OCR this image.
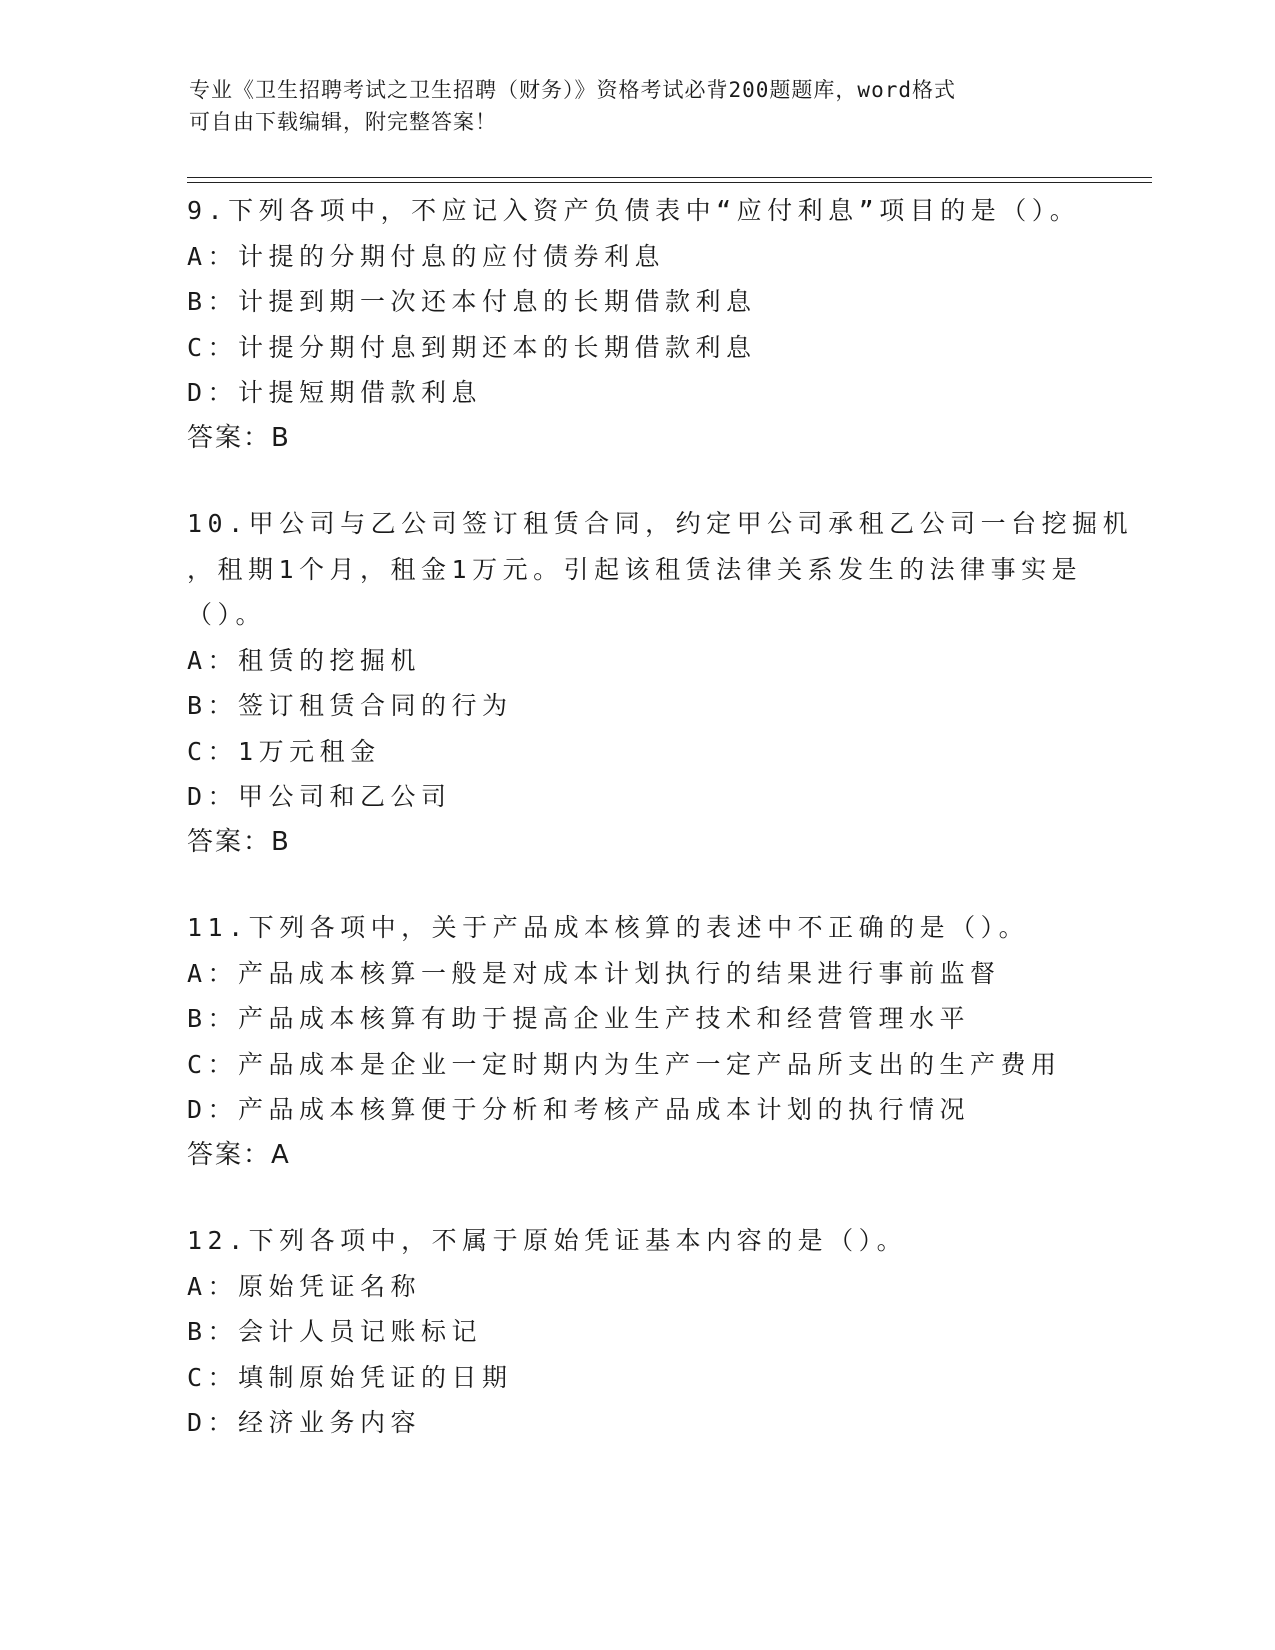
专业《卫生招聘考试之卫生招聘（财务）》资格考试必背200题题库，word格式
可自由下载编辑，附完整答案！
9.下列各项中，不应记入资产负债表中“应付利息”项目的是（）。
A：计提的分期付息的应付债券利息
B：计提到期一次还本付息的长期借款利息
C：计提分期付息到期还本的长期借款利息
D：计提短期借款利息
答案：B
10.甲公司与乙公司签订租赁合同，约定甲公司承租乙公司一台挖掘机
，租期1个月，租金1万元。引起该租赁法律关系发生的法律事实是
（）。
A：租赁的挖掘机
B：签订租赁合同的行为
C：1万元租金
D：甲公司和乙公司
答案：B
11.下列各项中，关于产品成本核算的表述中不正确的是（）。
A：产品成本核算一般是对成本计划执行的结果进行事前监督
B：产品成本核算有助于提高企业生产技术和经营管理水平
C：产品成本是企业一定时期内为生产一定产品所支出的生产费用
D：产品成本核算便于分析和考核产品成本计划的执行情况
答案：A
12.下列各项中，不属于原始凭证基本内容的是（）。
A：原始凭证名称
B：会计人员记账标记
C：填制原始凭证的日期
D：经济业务内容
